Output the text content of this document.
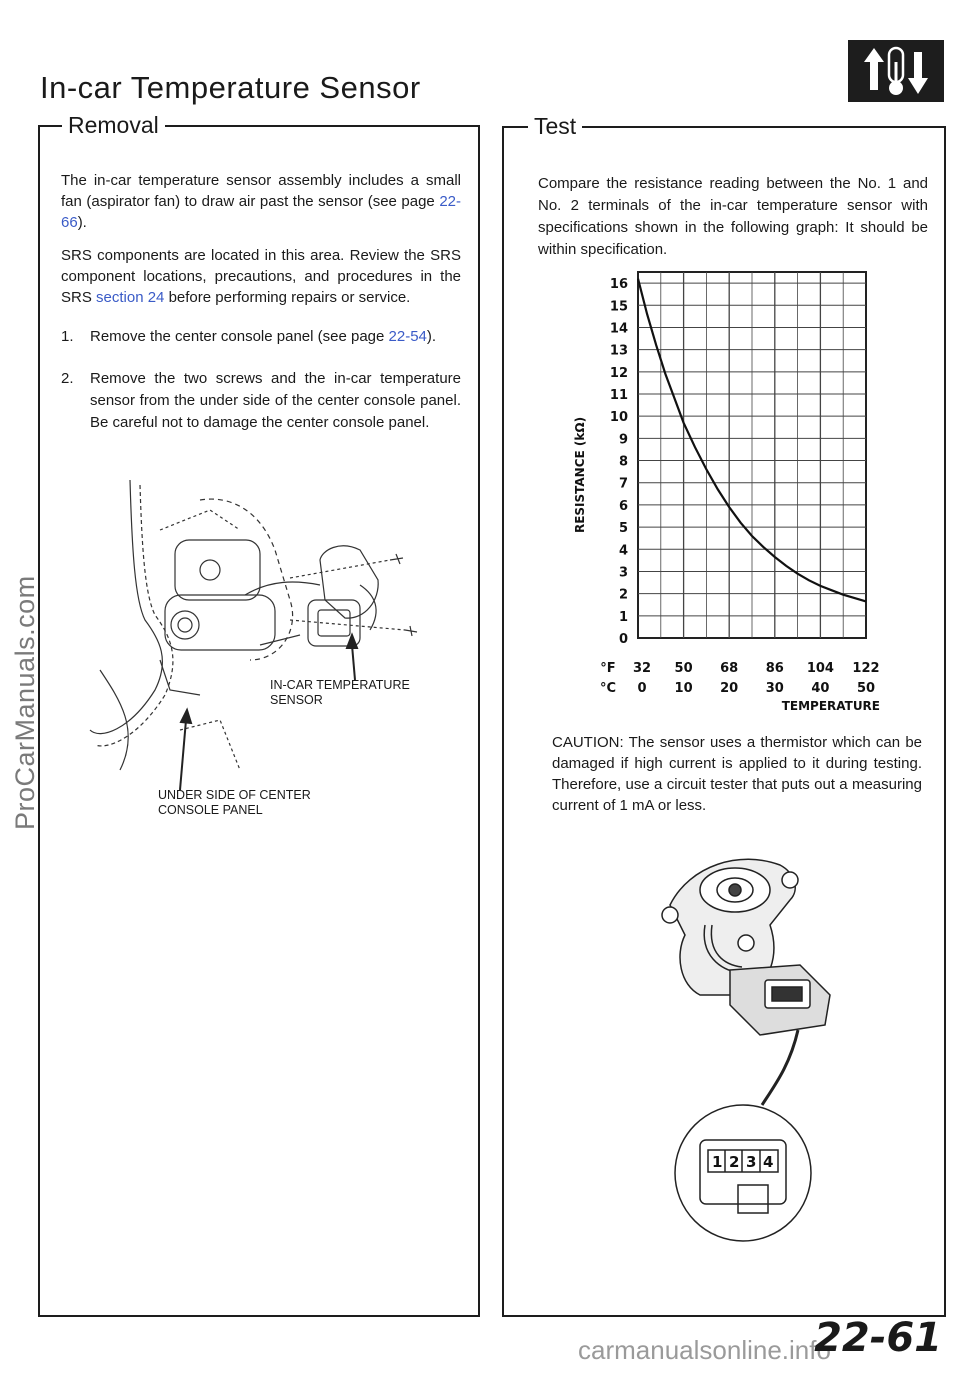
In-car Temperature Sensor
Removal	Test
The in-car temperature sensor assembly includes a small fan (aspirator fan) to draw air past the sensor (see page 22-66).
SRS components are located in this area. Review the SRS component locations, precautions, and procedures in the SRS section 24 before performing repairs or service.
1.	Remove the center console panel (see page 22-54).
2.	Remove the two screws and the in-car temperature sensor from the under side of the center console panel. Be careful not to damage the center console panel.
IN-CAR TEMPERATURE SENSOR
UNDER SIDE OF CENTER CONSOLE PANEL
Compare the resistance reading between the No. 1 and No. 2 terminals of the in-car temperature sensor with specifications shown in the following graph: It should be within specification.
0
1
2
3
4
5
6
7
8
9
10
11
12
13
14
15
16
32
0
50
10
68
20
86
30
104
40
122
50
°F
°C
TEMPERATURE
RESISTANCE (kΩ)
CAUTION: The sensor uses a thermistor which can be damaged if high current is applied to it during testing. Therefore, use a circuit tester that puts out a measuring current of 1 mA or less.
1 2 3 4
ProCarManuals.com
carmanualsonline.info
22-61
